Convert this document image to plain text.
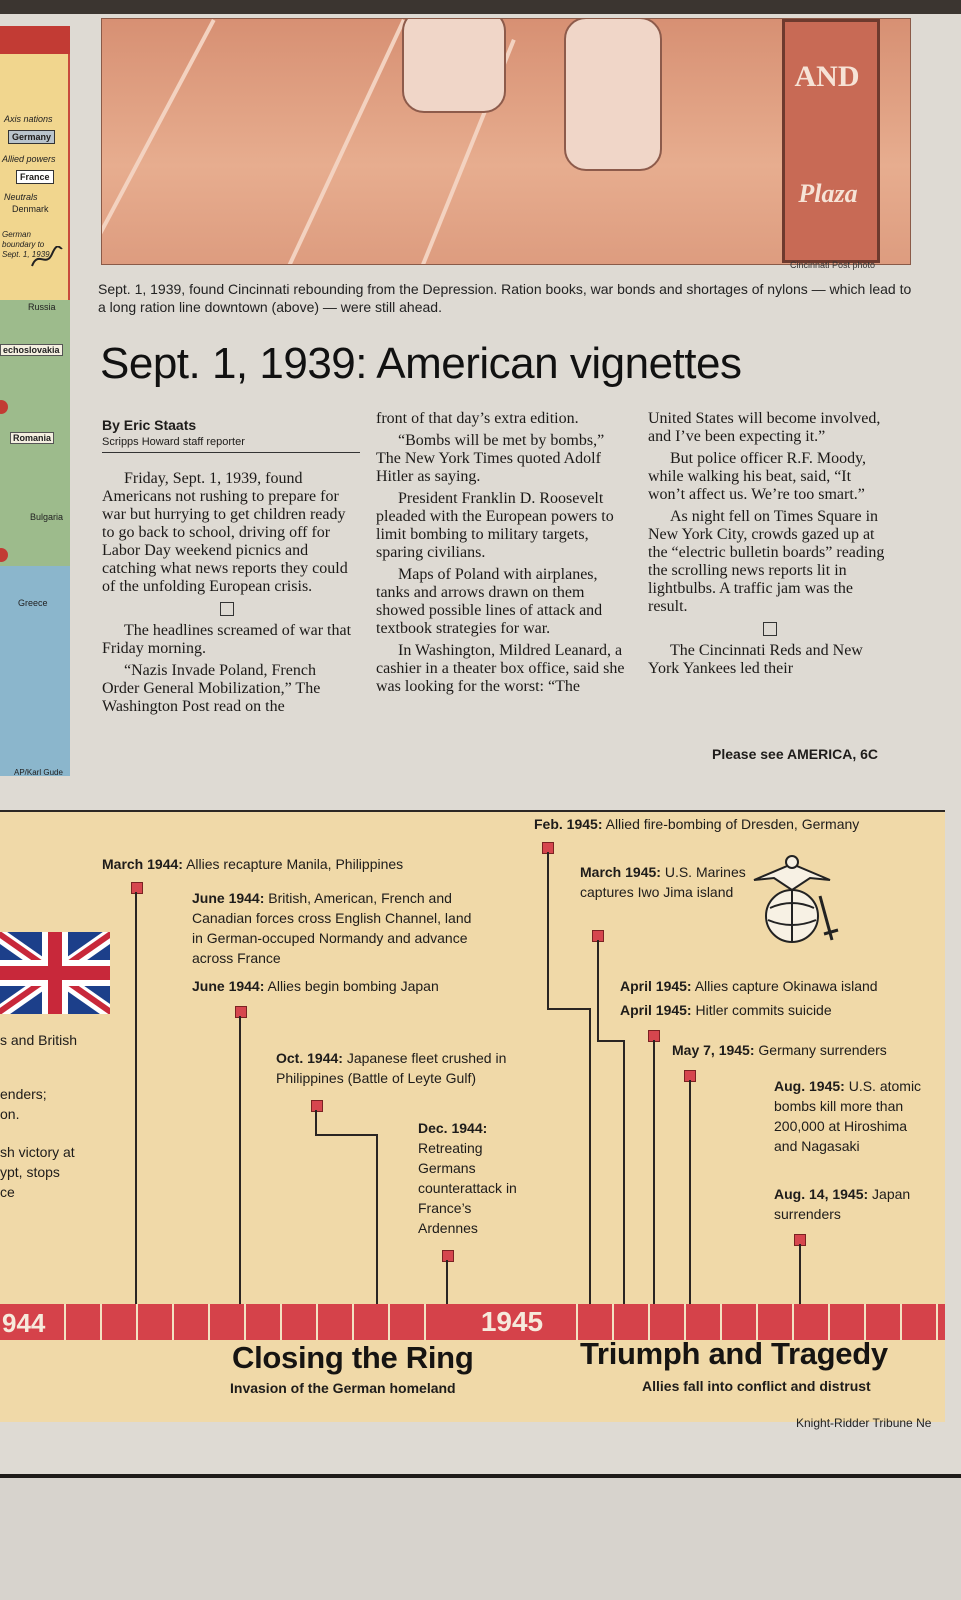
Axis nations
Germany
Allied powers
France
Neutrals
Denmark
German boundary to Sept. 1, 1939
Russia
echoslovakia
Romania
Bulgaria
Greece
AP/Karl Gude
AND
Plaza
Cincinnati Post photo
Sept. 1, 1939, found Cincinnati rebounding from the Depression. Ration books, war bonds and shortages of nylons — which lead to a long ration line downtown (above) — were still ahead.
Sept. 1, 1939: American vignettes
By Eric Staats
Scripps Howard staff reporter

Friday, Sept. 1, 1939, found Americans not rushing to prepare for war but hurrying to get children ready to go back to school, driving off for Labor Day weekend picnics and catching what news reports they could of the unfolding European crisis.

The headlines screamed of war that Friday morning.

“Nazis Invade Poland, French Order General Mobilization,” The Washington Post read on the

front of that day’s extra edition.

“Bombs will be met by bombs,” The New York Times quoted Adolf Hitler as saying.

President Franklin D. Roosevelt pleaded with the European powers to limit bombing to military targets, sparing civilians.

Maps of Poland with airplanes, tanks and arrows drawn on them showed possible lines of attack and textbook strategies for war.

In Washington, Mildred Leanard, a cashier in a theater box office, said she was looking for the worst: “The

United States will become involved, and I’ve been expecting it.”

But police officer R.F. Moody, while walking his beat, said, “It won’t affect us. We’re too smart.”

As night fell on Times Square in New York City, crowds gazed up at the “electric bulletin boards” reading the scrolling news reports lit in lightbulbs. A traffic jam was the result.

The Cincinnati Reds and New York Yankees led their

Please see AMERICA, 6C
s and British
enders;
on.
sh victory at
ypt, stops
ce
March 1944: Allies recapture Manila, Philippines
June 1944: British, American, French and Canadian forces cross English Channel, land in German-occuped Normandy and advance across France
June 1944: Allies begin bombing Japan
Oct. 1944: Japanese fleet crushed in Philippines (Battle of Leyte Gulf)
Dec. 1944: Retreating Germans counterattack in France’s Ardennes
Feb. 1945: Allied fire-bombing of Dresden, Germany
March 1945: U.S. Marines captures Iwo Jima island
April 1945: Allies capture Okinawa island
April 1945: Hitler commits suicide
May 7, 1945: Germany surrenders
Aug. 1945: U.S. atomic bombs kill more than 200,000 at Hiroshima and Nagasaki
Aug. 14, 1945: Japan surrenders
944	1945
Closing the Ring
Invasion of the German homeland
Triumph and Tragedy
Allies fall into conflict and distrust
Knight-Ridder Tribune Ne
